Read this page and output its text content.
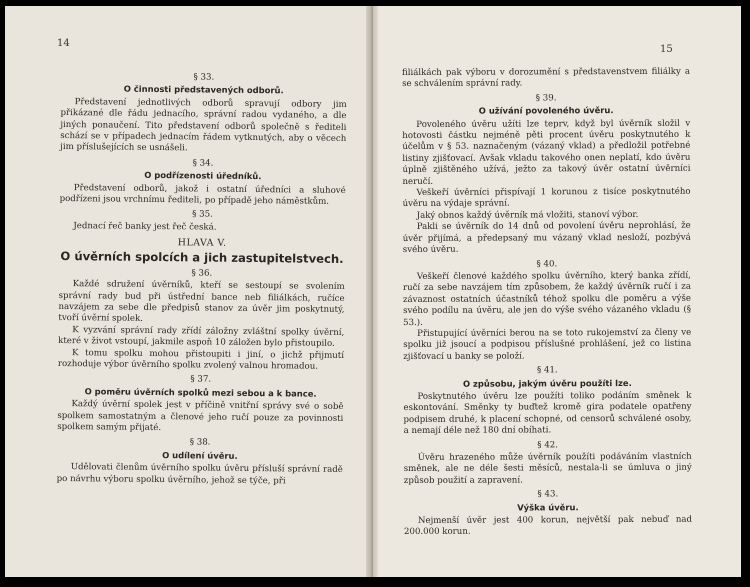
14
§ 33.
O činnosti představených odborů.

Představení jednotlivých odborů spravují odbory jim přikázané dle řádu jednacího, správní radou vydaného, a dle jiných ponaučení. Tito představení odborů společně s řediteli schází se v případech jednacím řádem vytknutých, aby o věcech jim příslušejících se usnášeli.

§ 34.
O podřízenosti úředníků.

Představení odborů, jakož i ostatní úředníci a sluhové podřízeni jsou vrchnímu řediteli, po případě jeho náměstkům.

§ 35.

Jednací řeč banky jest řeč česká.

HLAVA V.
O úvěrních spolcích a jich zastupitelstvech.
§ 36.

Každé sdružení úvěrníků, kteří se sestoupí se svolením správní rady bud při ústřední bance neb filiálkách, ručíce navzájem za sebe dle předpisů stanov za úvěr jim poskytnutý, tvoří úvěrní spolek.

K vyzvání správní rady zřídí záložny zvláštní spolky úvěrní, které v život vstoupí, jakmile aspoň 10 záložen bylo přistoupilo.

K tomu spolku mohou přistoupiti i jiní, o jichž přijmutí rozhoduje výbor úvěrního spolku zvolený valnou hromadou.

§ 37.
O poměru úvěrních spolků mezi sebou a k bance.

Každý úvěrní spolek jest v příčině vnitřní správy své o sobě spolkem samostatným a členové jeho ručí pouze za povinnosti spolkem samým přijaté.

§ 38.
O udílení úvěru.

Udělovati členům úvěrního spolku úvěru přísluší správní radě po návrhu výboru spolku úvěrního, jehož se týče, při

15

filiálkách pak výboru v dorozumění s představenstvem filiálky a se schválením správní rady.

§ 39.
O užívání povoleného úvěru.

Povoleného úvěru užíti lze teprv, když byl úvěrník složil v hotovosti částku nejméně pěti procent úvěru poskytnutého k účelům v § 53. naznačeným (vázaný vklad) a předložil potřebné listiny zjišťovací. Avšak vkladu takového onen neplatí, kdo úvěru úplně zjištěného užívá, ježto za takový úvěr ostatní úvěrníci neručí.

Veškeří úvěrníci přispívají 1 korunou z tisíce poskytnutého úvěru na výdaje správní.

Jaký obnos každý úvěrník má vložiti, stanoví výbor.

Pakli se úvěrník do 14 dnů od povolení úvěru neprohlásí, že úvěr přijímá, a předepsaný mu vázaný vklad nesloží, pozbývá svého úvěru.

§ 40.

Veškeří členové každého spolku úvěrního, který banka zřídí, ručí za sebe navzájem tím způsobem, že každý úvěrník ručí i za závaznost ostatních účastníků téhož spolku dle poměru a výše svého podílu na úvěru, ale jen do výše svého vázaného vkladu (§ 53.).

Přistupující úvěrníci berou na se toto rukojemství za členy ve spolku již jsoucí a podpisou příslušné prohlášení, jež co listina zjišťovací u banky se položí.

§ 41.
O způsobu, jakým úvěru použíti lze.

Poskytnutého úvěru lze použíti toliko podáním směnek k eskontování. Směnky ty buďtež kromě gira podatele opatřeny podpisem druhé, k placení schopné, od censorů schválené osoby, a nemají déle než 180 dní obíhati.

§ 42.

Úvěru hrazeného může úvěrník použíti podáváním vlastních směnek, ale ne déle šesti měsíců, nestala-li se úmluva o jiný způsob použití a zapravení.

§ 43.
Výška úvěru.

Nejmenší úvěr jest 400 korun, největší pak nebuď nad 200.000 korun.
